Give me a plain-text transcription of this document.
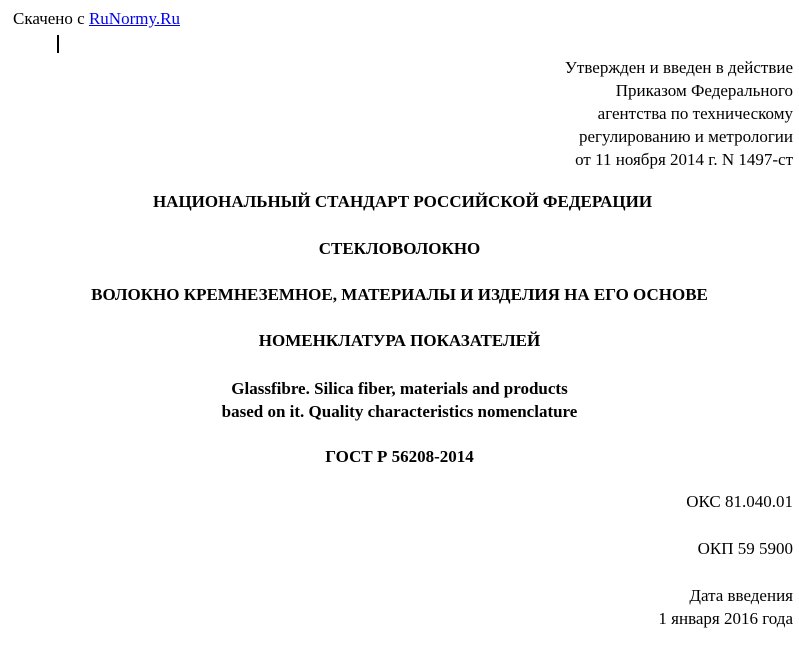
Скачено с RuNormy.Ru
Утвержден и введен в действие
Приказом Федерального
агентства по техническому
регулированию и метрологии
от 11 ноября 2014 г. N 1497-ст
НАЦИОНАЛЬНЫЙ СТАНДАРТ РОССИЙСКОЙ ФЕДЕРАЦИИ
СТЕКЛОВОЛОКНО
ВОЛОКНО КРЕМНЕЗЕМНОЕ, МАТЕРИАЛЫ И ИЗДЕЛИЯ НА ЕГО ОСНОВЕ
НОМЕНКЛАТУРА ПОКАЗАТЕЛЕЙ
Glassfibre. Silica fiber, materials and products
based on it. Quality characteristics nomenclature
ГОСТ Р 56208-2014
ОКС 81.040.01
ОКП 59 5900
Дата введения
1 января 2016 года
